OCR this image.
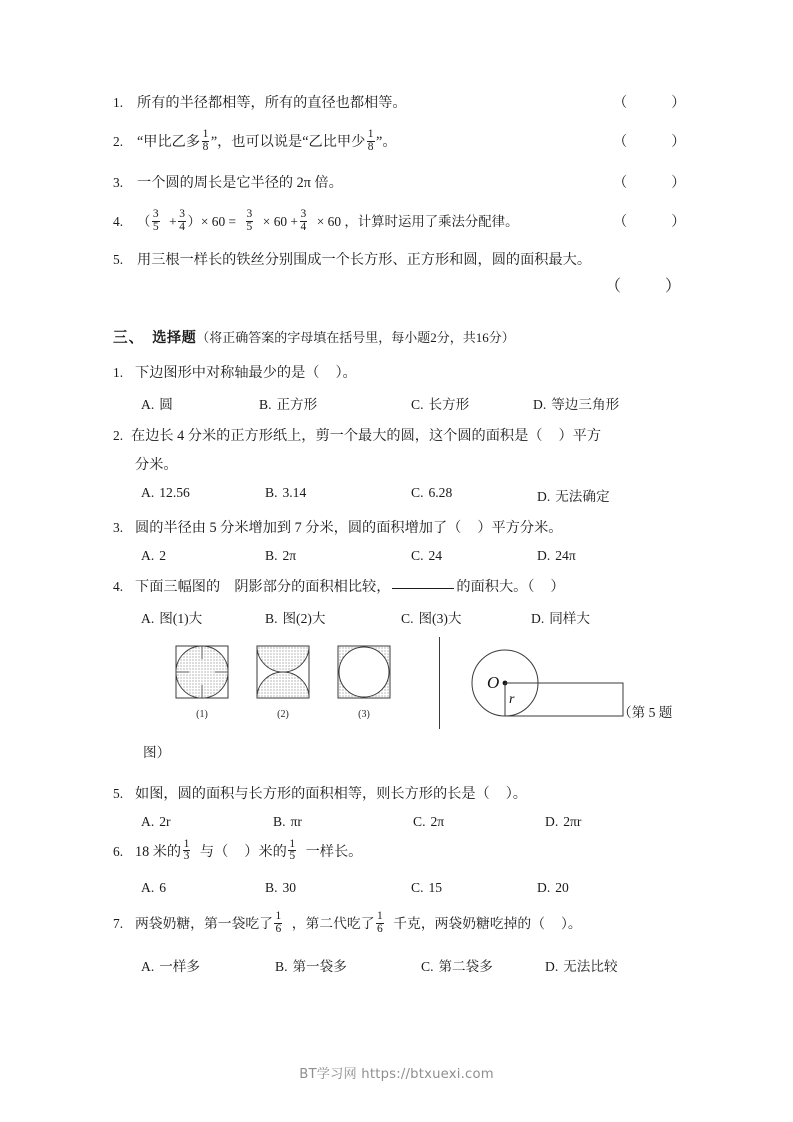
1. 所有的半径都相等，所有的直径也都相等。	（	）
2. “甲比乙多 $\frac{1}{8}$ ”，也可以说是“乙比甲少 $\frac{1}{8}$ ”。	（	）
3. 一个圆的周长是它半径的 2π 倍。	（	）
4.	（ $\frac{3}{5} + \frac{3}{4}$ ）× $60 = \frac{3}{5} \times 60 + \frac{3}{4} \times 60$ ，计算时运用了乘法分配律。	（	）
5. 用三根一样长的铁丝分别围成一个长方形、正方形和圆，圆的面积最大。
（	）
三、 选择题（将正确答案的字母填在括号里，每小题2分，共16分）
1. 下边图形中对称轴最少的是（ ）。
A. 圆	B. 正方形	C. 长方形	D. 等边三角形
2. 在边长 4 分米的正方形纸上，剪一个最大的圆，这个圆的面积是（ ）平方
分米。
A. 12.56	B. 3.14	C. 6.28	D. 无法确定
3. 圆的半径由 5 分米增加到 7 分米，圆的面积增加了（ ）平方分米。
A. 2	B. 2π	C. 24	D. 24π
4. 下面三幅图的　阴影部分的面积相比较，	的面积大。（ ）
A. 图(1)大	B. 图(2)大	C. 图(3)大	D. 同样大
(1)	(2)	(3)
O
r
（第 5 题
图）
5. 如图，圆的面积与长方形的面积相等，则长方形的长是（ ）。
A. 2r	B. πr	C. 2π	D. 2πr
6. 18 米的 $\frac{1}{3}$ 与（ ）米的 $\frac{1}{5}$ 一样长。
A. 6	B. 30	C. 15	D. 20
7. 两袋奶糖，第一袋吃了 $\frac{1}{6}$ ，第二代吃了 $\frac{1}{6}$ 千克，两袋奶糖吃掉的（ ）。
A. 一样多	B. 第一袋多	C. 第二袋多	D. 无法比较
BT学习网 https://btxuexi.com
